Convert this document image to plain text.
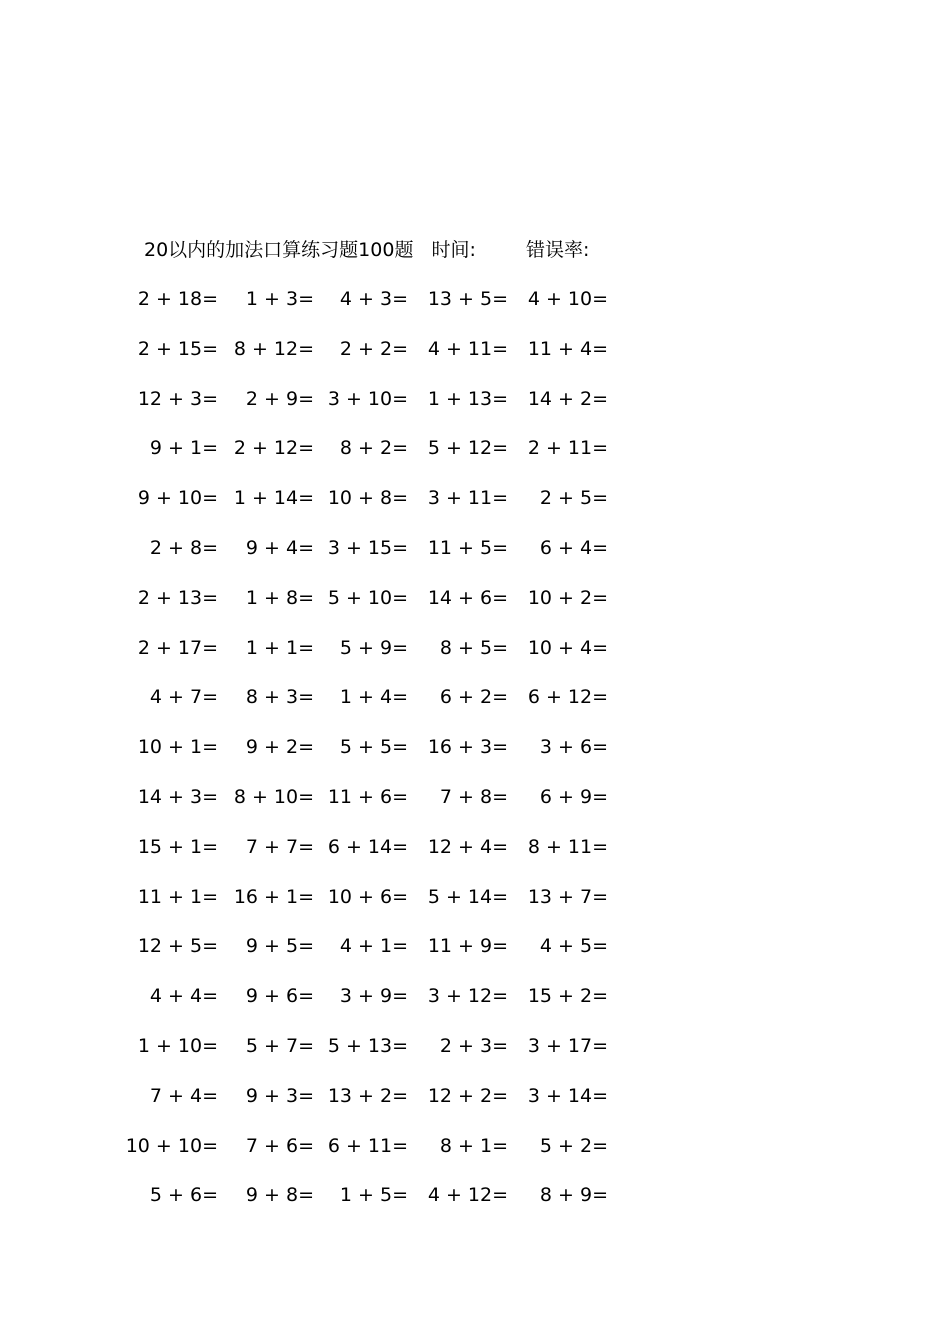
20以内的加法口算练习题100题 时间:	错误率:
2 + 18= 1 + 3= 4 + 3= 13 + 5= 4 + 10=
2 + 15= 8 + 12= 2 + 2= 4 + 11= 11 + 4=
12 + 3= 2 + 9= 3 + 10= 1 + 13= 14 + 2=
9 + 1= 2 + 12= 8 + 2= 5 + 12= 2 + 11=
9 + 10= 1 + 14= 10 + 8= 3 + 11= 2 + 5=
2 + 8= 9 + 4= 3 + 15= 11 + 5= 6 + 4=
2 + 13= 1 + 8= 5 + 10= 14 + 6= 10 + 2=
2 + 17= 1 + 1= 5 + 9= 8 + 5= 10 + 4=
4 + 7= 8 + 3= 1 + 4= 6 + 2= 6 + 12=
10 + 1= 9 + 2= 5 + 5= 16 + 3= 3 + 6=
14 + 3= 8 + 10= 11 + 6= 7 + 8= 6 + 9=
15 + 1= 7 + 7= 6 + 14= 12 + 4= 8 + 11=
11 + 1= 16 + 1= 10 + 6= 5 + 14= 13 + 7=
12 + 5= 9 + 5= 4 + 1= 11 + 9= 4 + 5=
4 + 4= 9 + 6= 3 + 9= 3 + 12= 15 + 2=
1 + 10= 5 + 7= 5 + 13= 2 + 3= 3 + 17=
7 + 4= 9 + 3= 13 + 2= 12 + 2= 3 + 14=
10 + 10= 7 + 6= 6 + 11= 8 + 1= 5 + 2=
5 + 6= 9 + 8= 1 + 5= 4 + 12= 8 + 9=
